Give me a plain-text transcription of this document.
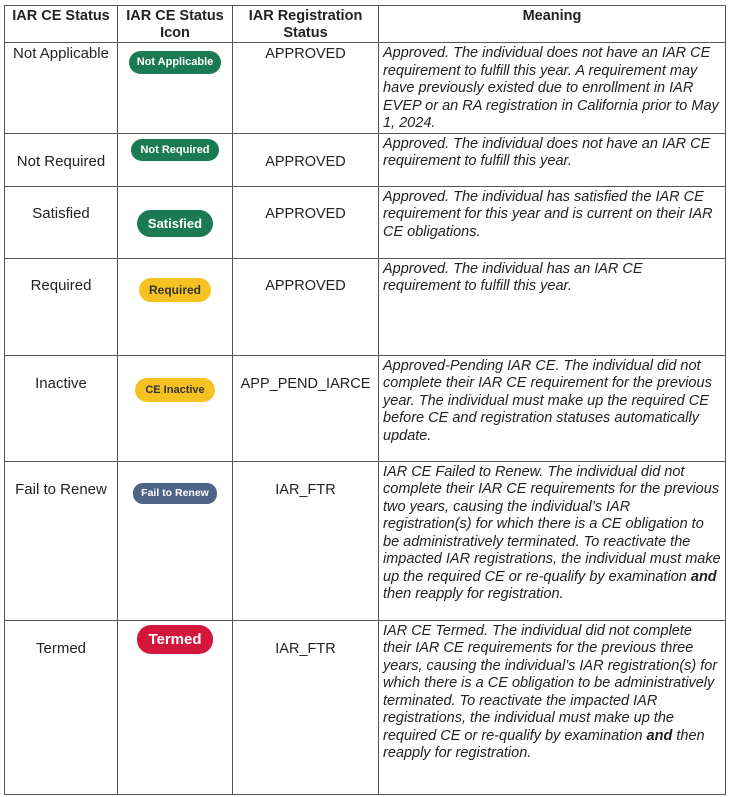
IAR CE Status	IAR CE Status Icon	IAR Registration Status	Meaning
Not Applicable	Not Applicable	APPROVED	Approved. The individual does not have an IAR CE requirement to fulfill this year. A requirement may have previously existed due to enrollment in IAR EVEP or an RA registration in California prior to May 1, 2024.
Not Required	Not Required	APPROVED	Approved. The individual does not have an IAR CE requirement to fulfill this year.
Satisfied	Satisfied	APPROVED	Approved. The individual has satisfied the IAR CE requirement for this year and is current on their IAR CE obligations.
Required	Required	APPROVED	Approved. The individual has an IAR CE requirement to fulfill this year.
Inactive	CE Inactive	APP_PEND_IARCE	Approved-Pending IAR CE. The individual did not complete their IAR CE requirement for the previous year. The individual must make up the required CE before CE and registration statuses automatically update.
Fail to Renew	Fail to Renew	IAR_FTR	IAR CE Failed to Renew. The individual did not complete their IAR CE requirements for the previous two years, causing the individual’s IAR registration(s) for which there is a CE obligation to be administratively terminated. To reactivate the impacted IAR registrations, the individual must make up the required CE or re-qualify by examination and then reapply for registration.
Termed	Termed	IAR_FTR	IAR CE Termed. The individual did not complete their IAR CE requirements for the previous three years, causing the individual’s IAR registration(s) for which there is a CE obligation to be administratively terminated. To reactivate the impacted IAR registrations, the individual must make up the required CE or re-qualify by examination and then reapply for registration.
